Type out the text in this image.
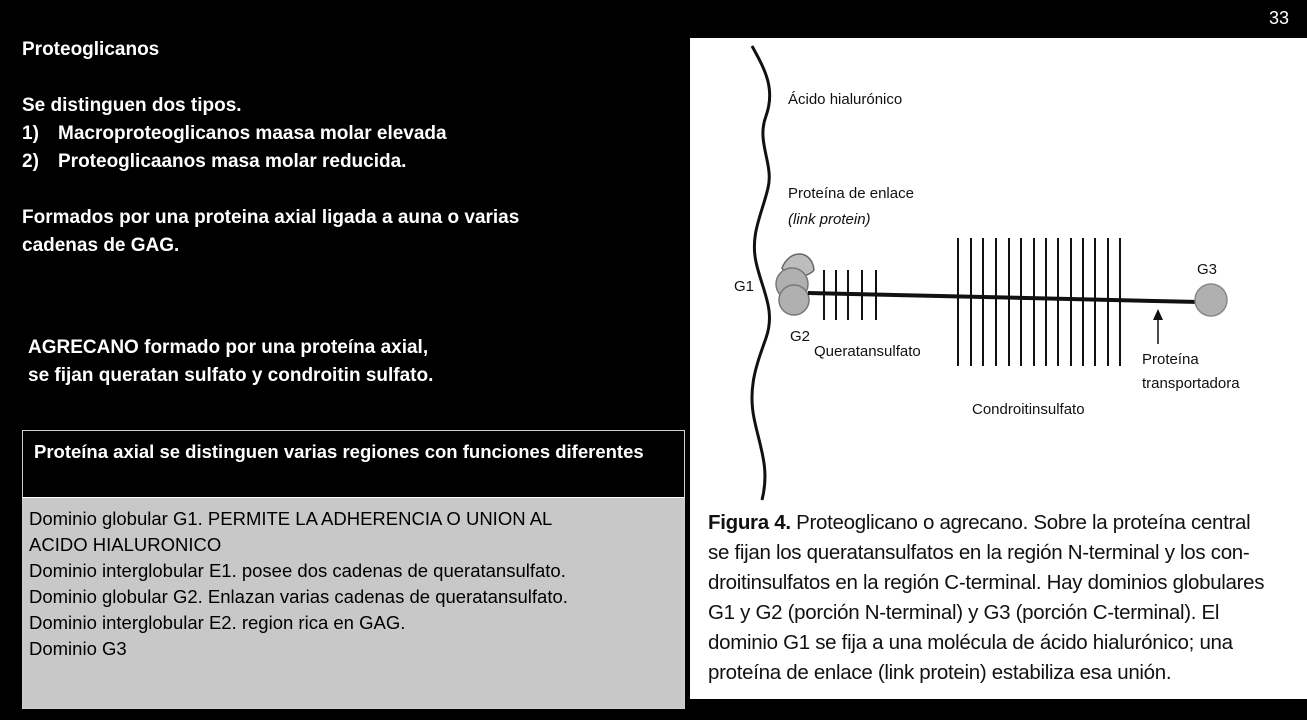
33

Proteoglicanos

Se distinguen dos tipos.

1)	Macroproteoglicanos maasa molar elevada
2)	Proteoglicaanos masa molar reducida.

Formados por una proteina axial ligada a auna o varias

cadenas de GAG.

AGRECANO formado por una proteína axial,

se fijan queratan sulfato y condroitin sulfato.

Proteína axial se distinguen varias regiones con funciones diferentes
Dominio globular G1. PERMITE LA ADHERENCIA O UNION AL
ACIDO HIALURONICO
Dominio interglobular E1. posee dos cadenas de queratansulfato.
Dominio globular G2. Enlazan varias cadenas de queratansulfato.
Dominio interglobular E2. region rica en GAG.
Dominio G3
Ácido hialurónico
Proteína de enlace
(link protein)
G1
G2
G3
Queratansulfato
Condroitinsulfato
Proteína
transportadora
Figura 4. Proteoglicano o agrecano. Sobre la proteína central
se fijan los queratansulfatos en la región N-terminal y los con-
droitinsulfatos en la región C-terminal. Hay dominios globulares
G1 y G2 (porción N-terminal) y G3 (porción C-terminal). El
dominio G1 se fija a una molécula de ácido hialurónico; una
proteína de enlace (link protein) estabiliza esa unión.
